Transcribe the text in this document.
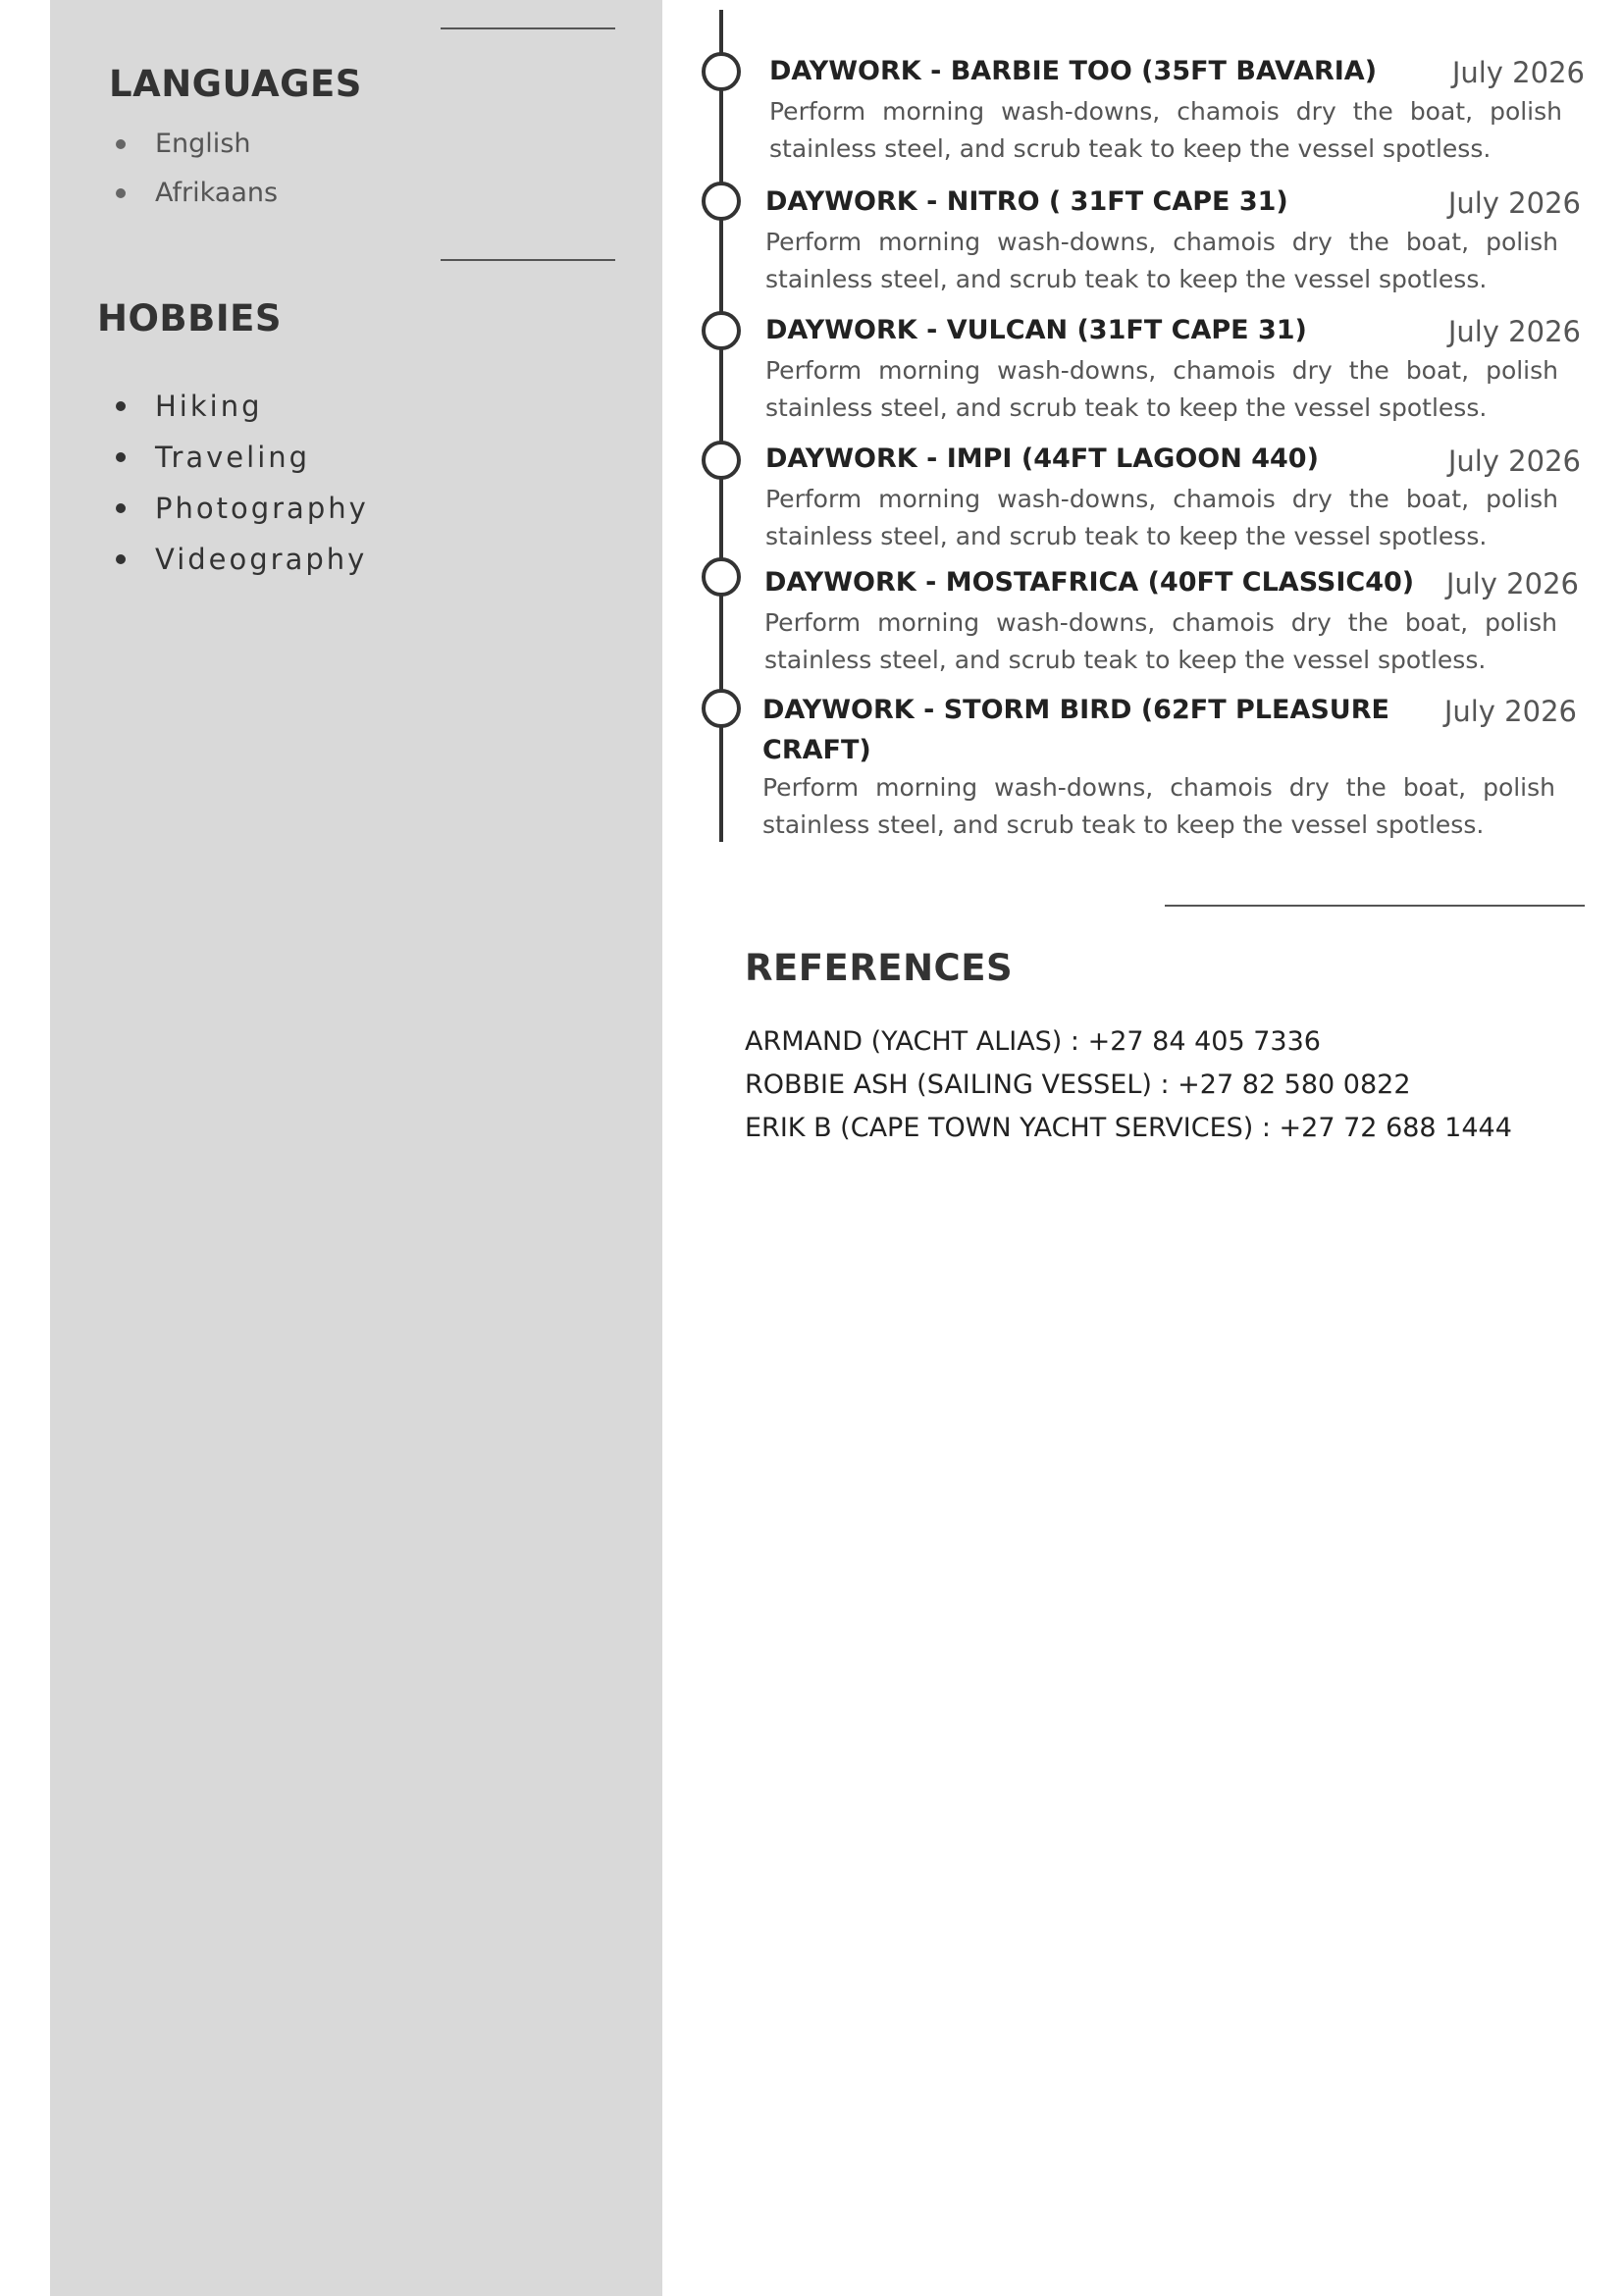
LANGUAGES
English
Afrikaans
HOBBIES
Hiking
Traveling
Photography
Videography
DAYWORK - BARBIE TOO (35FT BAVARIA)	July 2026

Perform morning wash-downs, chamois dry the boat, polish stainless steel, and scrub teak to keep the vessel spotless.

DAYWORK - NITRO ( 31FT CAPE 31)	July 2026

Perform morning wash-downs, chamois dry the boat, polish stainless steel, and scrub teak to keep the vessel spotless.

DAYWORK - VULCAN (31FT CAPE 31)	July 2026

Perform morning wash-downs, chamois dry the boat, polish stainless steel, and scrub teak to keep the vessel spotless.

DAYWORK - IMPI (44FT LAGOON 440)	July 2026

Perform morning wash-downs, chamois dry the boat, polish stainless steel, and scrub teak to keep the vessel spotless.

DAYWORK - MOSTAFRICA (40FT CLASSIC40)	July 2026

Perform morning wash-downs, chamois dry the boat, polish stainless steel, and scrub teak to keep the vessel spotless.

DAYWORK - STORM BIRD (62FT PLEASURE CRAFT)
July 2026

Perform morning wash-downs, chamois dry the boat, polish stainless steel, and scrub teak to keep the vessel spotless.

REFERENCES
ARMAND (YACHT ALIAS) : +27 84 405 7336
ROBBIE ASH (SAILING VESSEL) : +27 82 580 0822
ERIK B (CAPE TOWN YACHT SERVICES) : +27 72 688 1444
